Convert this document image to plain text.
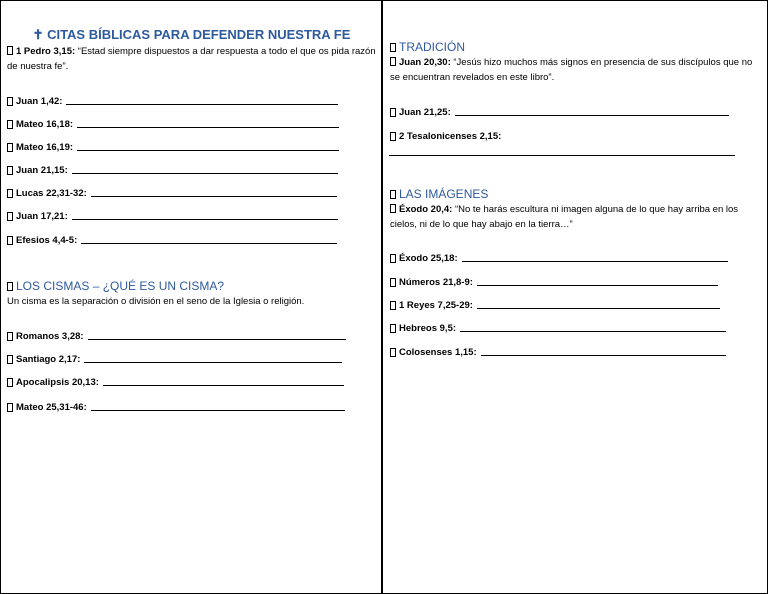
✝ CITAS BÍBLICAS PARA DEFENDER NUESTRA FE
1 Pedro 3,15: “Estad siempre dispuestos a dar respuesta a todo el que os pida razón de nuestra fe”.
Juan 1,42:
Mateo 16,18:
Mateo 16,19:
Juan 21,15:
Lucas 22,31-32:
Juan 17,21:
Efesios 4,4-5:
LOS CISMAS – ¿QUÉ ES UN CISMA?
Un cisma es la separación o división en el seno de la Iglesia o religión.
Romanos 3,28:
Santiago 2,17:
Apocalipsis 20,13:
Mateo 25,31-46:
TRADICIÓN
Juan 20,30: “Jesús hizo muchos más signos en presencia de sus discípulos que no se encuentran revelados en este libro”.
Juan 21,25:
2 Tesalonicenses 2,15:
LAS IMÁGENES
Éxodo 20,4: “No te harás escultura ni imagen alguna de lo que hay arriba en los cielos, ni de lo que hay abajo en la tierra…”
Éxodo 25,18:
Números 21,8-9:
1 Reyes 7,25-29:
Hebreos 9,5:
Colosenses 1,15:
